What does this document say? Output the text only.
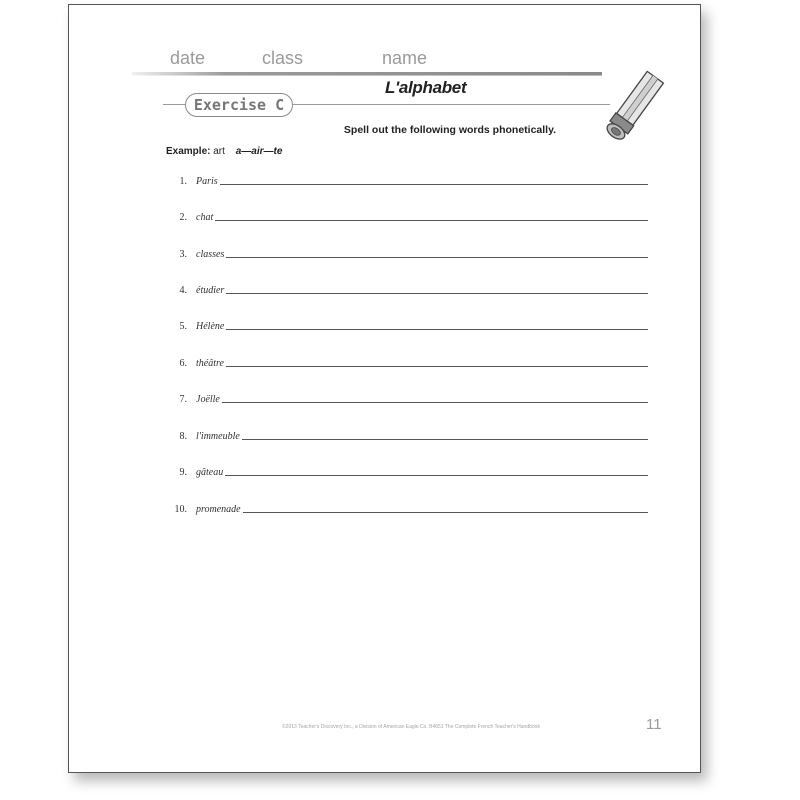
date	class	name
L'alphabet
Exercise C
Spell out the following words phonetically.
Example: art a—air—te
1. Paris
2. chat
3. classes
4. étudier
5. Hélène
6. théâtre
7. Joëlle
8. l'immeuble
9. gâteau
10. promenade
©2013 Teacher's Discovery Inc., a Division of American Eagle Co. B4651 The Complete French Teacher's Handbook	11
